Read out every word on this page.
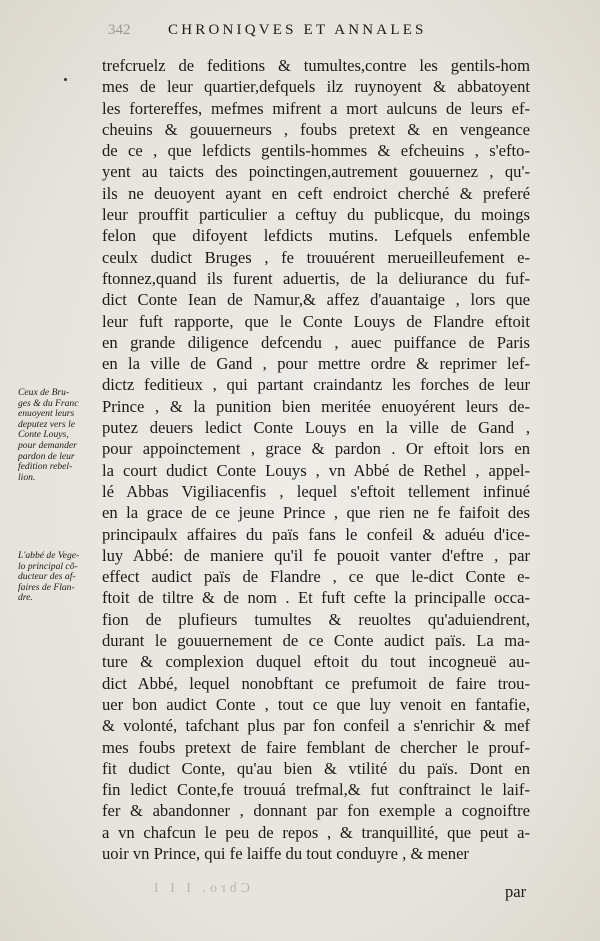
342	CHRONIQVES ET ANNALES
Ceux de Bru-
ges & du Franc
enuoyent leurs
deputez vers le
Conte Louys,
pour demander
pardon de leur
fedition rebel-
lion.
L'abbé de Vege-
lo principal cõ-
ducteur des af-
faires de Flan-
dre.
trefcruelz de feditions & tumultes,contre les gentils-hom
mes de leur quartier,defquels ilz ruynoyent & abbatoyent
les fortereffes, mefmes mifrent a mort aulcuns de leurs ef-
cheuins & gouuerneurs , foubs pretext & en vengeance
de ce , que lefdicts gentils-hommes & efcheuins , s'efto-
yent au taicts des poinctingen,autrement gouuernez , qu'-
ils ne deuoyent ayant en ceft endroict cherché & preferé
leur prouffit particulier a ceftuy du publicque, du moings
felon que difoyent lefdicts mutins. Lefquels enfemble
ceulx dudict Bruges , fe trouuérent merueilleufement e-
ftonnez,quand ils furent aduertis, de la deliurance du fuf-
dict Conte Iean de Namur,& affez d'auantaige , lors que
leur fuft rapporte, que le Conte Louys de Flandre eftoit
en grande diligence defcendu , auec puiffance de Paris
en la ville de Gand , pour mettre ordre & reprimer lef-
dictz feditieux , qui partant craindantz les forches de leur
Prince , & la punition bien meritée enuoyérent leurs de-
putez deuers ledict Conte Louys en la ville de Gand ,
pour appoinctement , grace & pardon . Or eftoit lors en
la court dudict Conte Louys , vn Abbé de Rethel , appel-
lé Abbas Vigiliacenfis , lequel s'eftoit tellement infinué
en la grace de ce jeune Prince , que rien ne fe faifoit des
principaulx affaires du païs fans le confeil & aduéu d'ice-
luy Abbé: de maniere qu'il fe pouoit vanter d'eftre , par
effect audict païs de Flandre , ce que le-dict Conte e-
ftoit de tiltre & de nom . Et fuft cefte la principalle occa-
fion de plufieurs tumultes & reuoltes qu'aduiendrent,
durant le gouuernement de ce Conte audict païs. La ma-
ture & complexion duquel eftoit du tout incogneuë au-
dict Abbé, lequel nonobftant ce prefumoit de faire trou-
uer bon audict Conte , tout ce que luy venoit en fantafie,
& volonté, tafchant plus par fon confeil a s'enrichir & mef
mes foubs pretext de faire femblant de chercher le prouf-
fit dudict Conte, qu'au bien & vtilité du païs. Dont en
fin ledict Conte,fe trouuá trefmal,& fut conftrainct le laif-
fer & abandonner , donnant par fon exemple a cognoiftre
a vn chafcun le peu de repos , & tranquillité, que peut a-
uoir vn Prince, qui fe laiffe du tout conduyre , & mener
Cbro. I I I	par
